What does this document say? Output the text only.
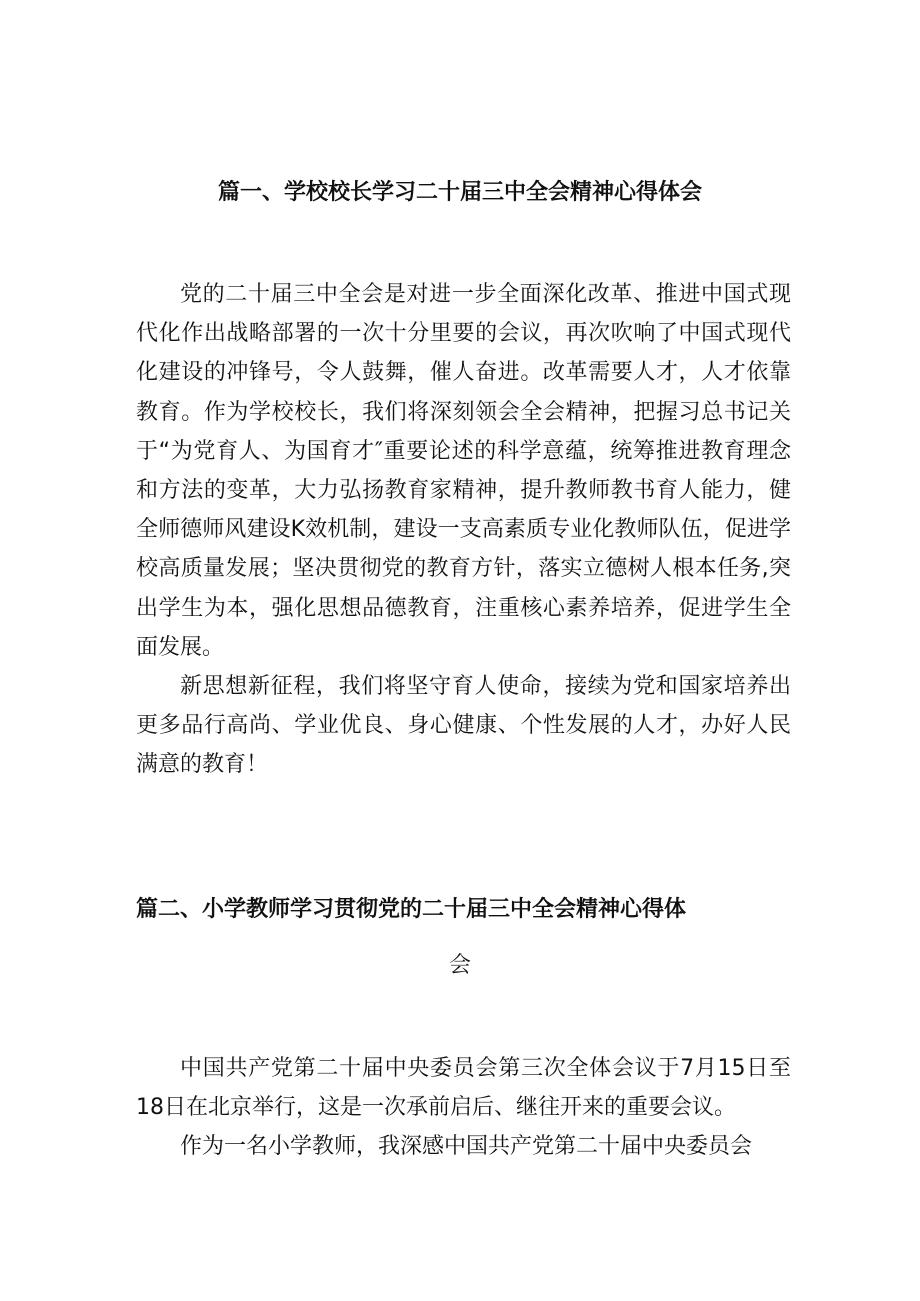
篇一、学校校长学习二十届三中全会精神心得体会

党的二十届三中全会是对进一步全面深化改革、推进中国式现代化作出战略部署的一次十分里要的会议，再次吹响了中国式现代化建设的冲锋号，令人鼓舞，催人奋进。改革需要人才，人才依靠教育。作为学校校长，我们将深刻领会全会精神，把握习总书记关于“为党育人、为国育才″重要论述的科学意蕴，统筹推进教育理念和方法的变革，大力弘扬教育家精神，提升教师教书育人能力，健全师德师风建设K效机制，建设一支高素质专业化教师队伍，促进学校高质量发展；坚决贯彻党的教育方针，落实立德树人根本任务,突出学生为本，强化思想品德教育，注重核心素养培养，促进学生全面发展。

新思想新征程，我们将坚守育人使命，接续为党和国家培养出更多品行高尚、学业优良、身心健康、个性发展的人才，办好人民满意的教育！

篇二、小学教师学习贯彻党的二十届三中全会精神心得体
会

中国共产党第二十届中央委员会第三次全体会议于7月15日至18日在北京举行，这是一次承前启后、继往开来的重要会议。

作为一名小学教师，我深感中国共产党第二十届中央委员会
